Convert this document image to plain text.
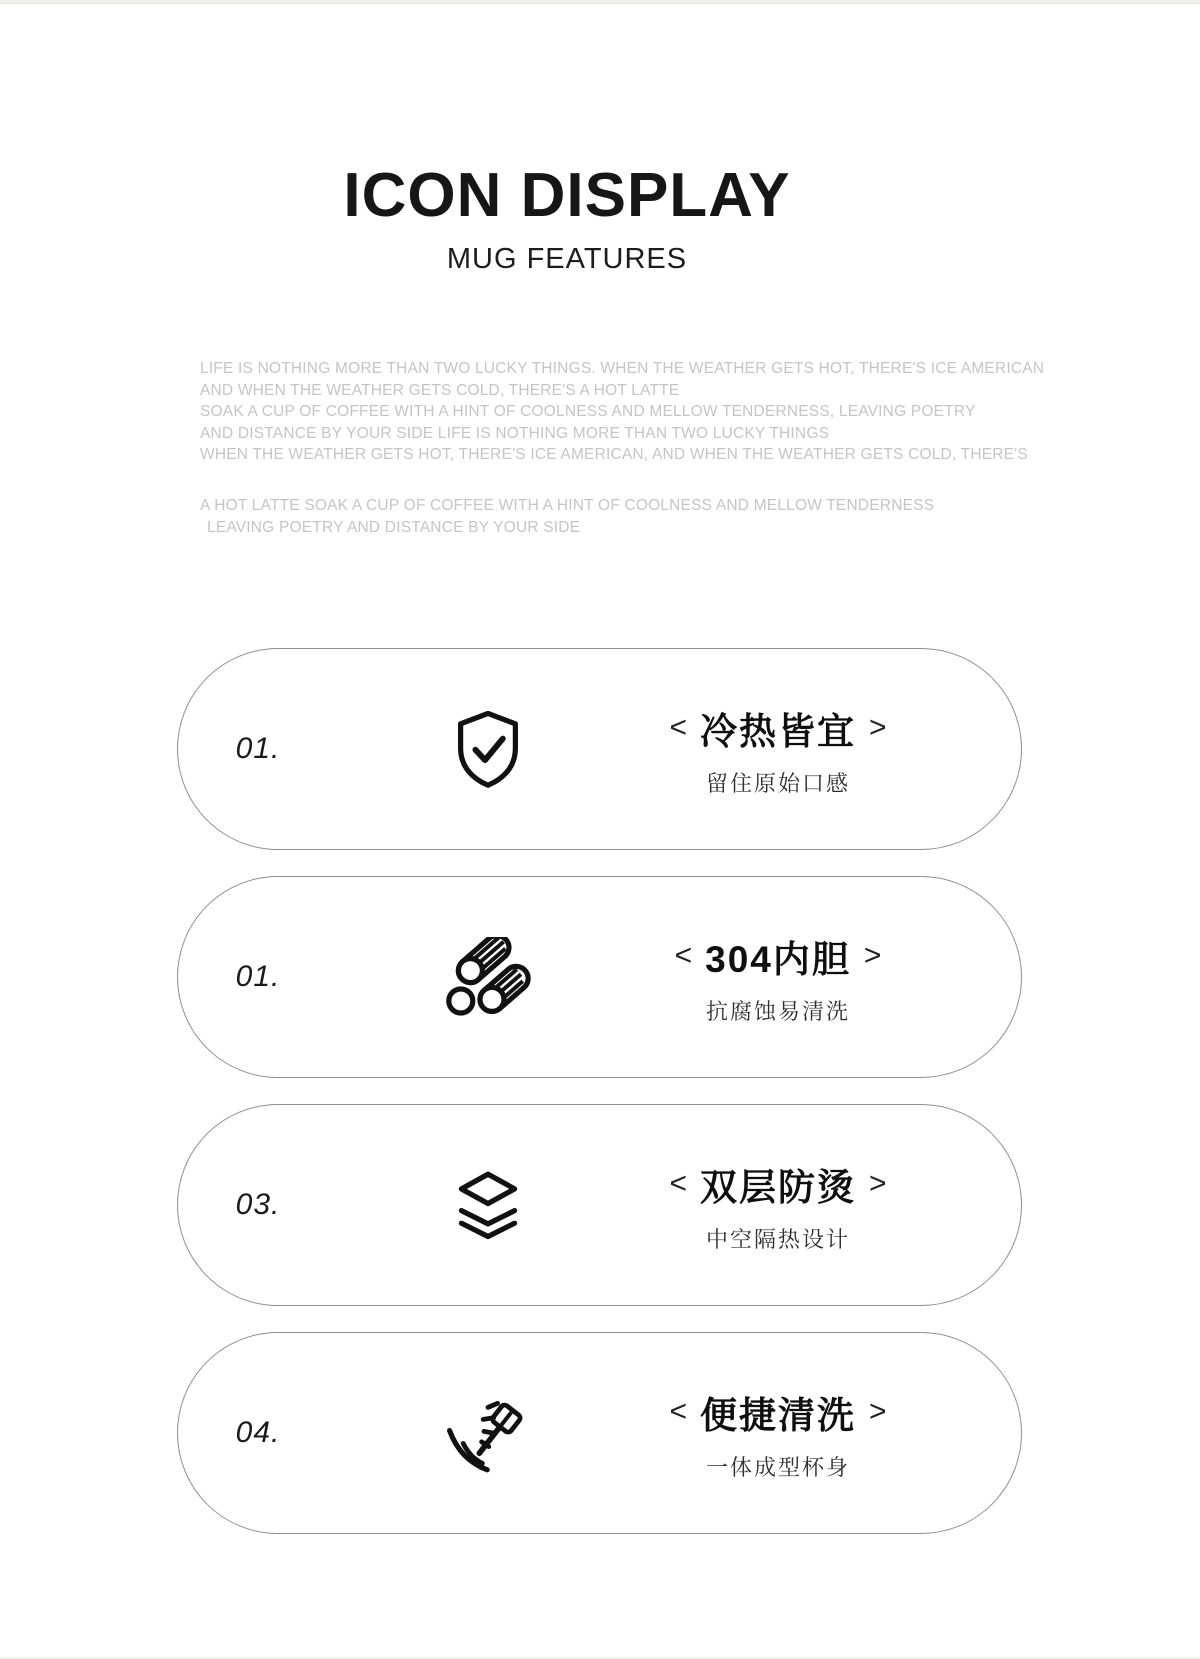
ICON DISPLAY
MUG FEATURES
LIFE IS NOTHING MORE THAN TWO LUCKY THINGS. WHEN THE WEATHER GETS HOT, THERE'S ICE AMERICAN
AND WHEN THE WEATHER GETS COLD, THERE'S A HOT LATTE
SOAK A CUP OF COFFEE WITH A HINT OF COOLNESS AND MELLOW TENDERNESS, LEAVING POETRY
AND DISTANCE BY YOUR SIDE LIFE IS NOTHING MORE THAN TWO LUCKY THINGS
WHEN THE WEATHER GETS HOT, THERE'S ICE AMERICAN, AND WHEN THE WEATHER GETS COLD, THERE'S
A HOT LATTE SOAK A CUP OF COFFEE WITH A HINT OF COOLNESS AND MELLOW TENDERNESS
LEAVING POETRY AND DISTANCE BY YOUR SIDE
01.
< 冷热皆宜 >
留住原始口感
01.
< 304内胆 >
抗腐蚀易清洗
03.
< 双层防烫 >
中空隔热设计
04.
< 便捷清洗 >
一体成型杯身
